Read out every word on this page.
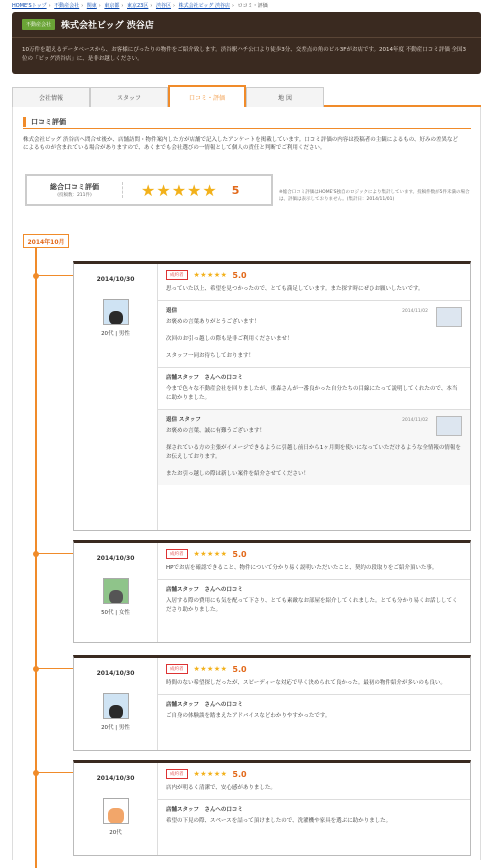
HOME'Sトップ › 不動産会社 › 関東 › 東京都 › 東京23区 › 渋谷区 › 株式会社ビッグ 渋谷店 › ロコミ・評価
不動産会社	株式会社ビッグ 渋谷店
10万件を超えるデータベースから、お客様にぴったりの物件をご紹介致します。渋谷駅ハチ公口より徒歩3分、交差点の角のビル3Fがお店です。2014年度 不動産口コミ評価 全国3位の「ビッグ渋谷店」に、是非お越しください。
会社情報	スタッフ	口コミ・評価	地 図
口コミ評価
株式会社ビッグ 渋谷店へ問合せ後か、店舗訪問・物件案内した方が店舗で記入したアンケートを掲載しています。口コミ評価の内容は投稿者の主観によるもの、好みの差異などによるものが含まれている場合がありますので、あくまでも会社選びの一情報として個人の責任と判断でご利用ください。
総合口コミ評価
(投稿数：211件)	★★★★★ 5	※総合口コミ評価はHOME'S独自のロジックにより集計しています。投稿件数が5件未満の場合は、評価は表示しておりません。(集計日：2014/11/01)
2014年10月
2014/10/30
20代 | 男性
成約者	★★★★★ 5.0
思っていた以上、希望を見つかったので、とても満足しています。また探す時にぜひお願いしたいです。
返信	2014/11/02

お褒めの言葉ありがとうございます！

次回のお引っ越しの際も是非ご利用くださいませ！

スタッフ一同お待ちしております！

店舗スタッフ　さんへの口コミ

今まで色々な不動産会社を回りましたが、重森さんが一番良かった自分たちの目線にたって説明してくれたので、本当に助かりました。

返信 スタッフ	2014/11/02

お褒めの言葉、誠に有難うございます！

探されている方の主張がイメージできるように引越し前日から1ヶ月間を使いになっていただけるような全情報の情報をお伝えしております。

またお引っ越しの際は新しい案件を紹介させてください！

2014/10/30
50代 | 女性
成約者	★★★★★ 5.0
HPでお店を確認できること、物件について分かり易く説明いただいたこと、契約の段取りをご紹介頂いた事。
店舗スタッフ　さんへの口コミ

入居する際の費用にも気を配って下さり、とても素敵なお部屋を紹介してくれました。とても分かり易くお話ししてくださり助かりました。

2014/10/30
20代 | 男性
成約者	★★★★★ 5.0
時間のない希望探しだったが、スピーディーな対応で早く決められて良かった。最初の物件紹介が多いのも良い。
店舗スタッフ　さんへの口コミ

ご自身の体験談を踏まえたアドバイスなどわかりやすかったです。

2014/10/30
20代
成約者	★★★★★ 5.0
店内が明るく清潔で、安心感がありました。
店舗スタッフ　さんへの口コミ

希望の下見の際、スペースを詰って頂けましたので、洗濯機や家具を選ぶに助かりました。
